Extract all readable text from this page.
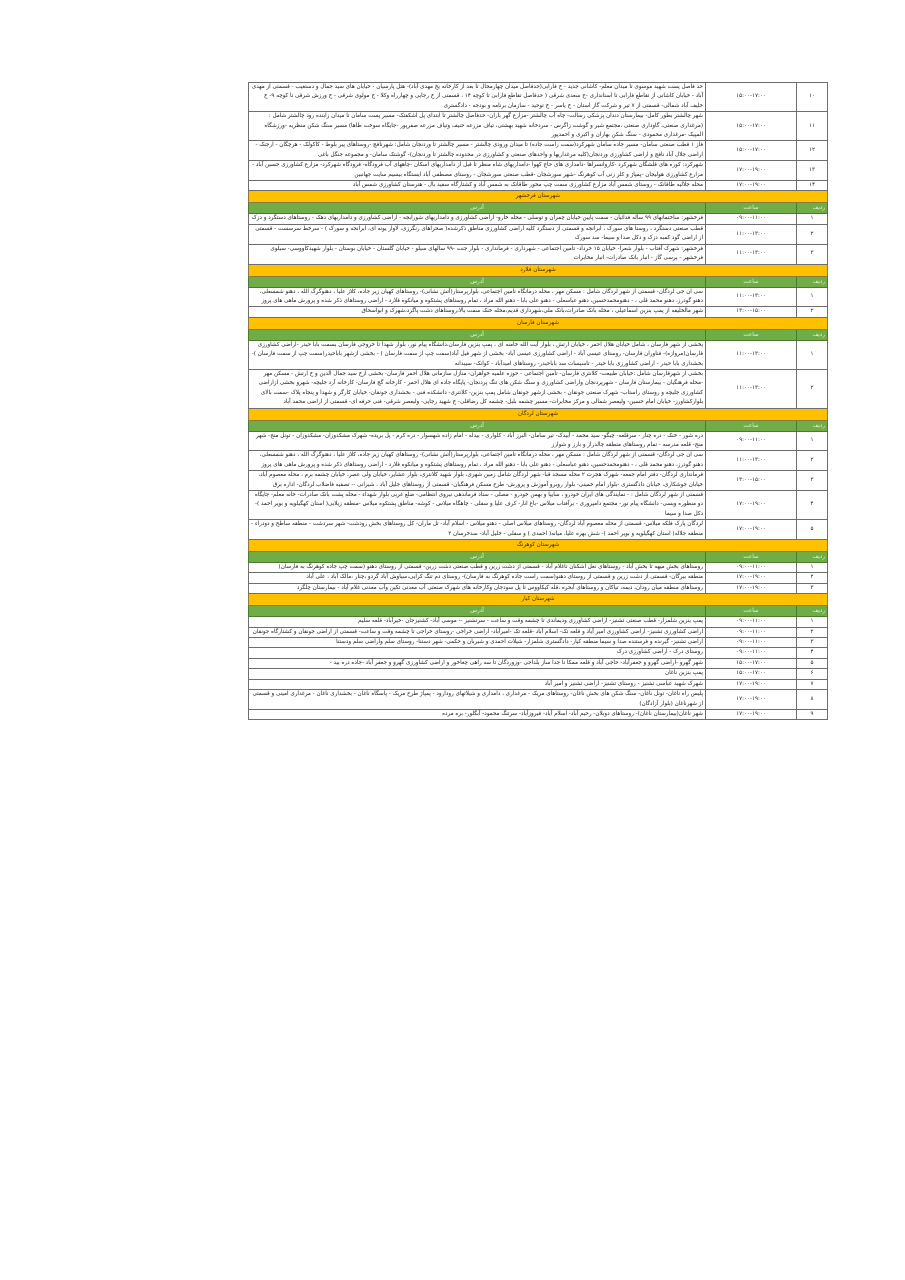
۱۰	۱۵:۰۰-۱۷:۰۰	حد فاصل پست شهید موسوی تا میدان معلم- کاشانی جدید - خ فارابی(حدفاصل میدان چهارمحال تا بعد از کارخانه یخ مهدی آباد)- هتل پارسیان - خیابان های سید جمال و دستغیب - قسمتی از مهدی آباد - خیابان کاشانی از تقاطع فارابی تا استانداری -خ سعدی شرقی ( حدفاصل تقاطع فارابی تا کوچه ۱۴ ، قسمتی از خ رجایی و چهارراه وکلا - خ مولوی شرقی - خ ورزش شرقی تا کوچه ۹- خ خلیف آباد شمالی- قسمتی از ۷ تیر و شرکت گاز استان - خ یاسر - خ توحید - سازمان برنامه و بودجه - دادگستری
۱۱	۱۵:۰۰-۱۷:۰۰	شهر چالشتر بطور کامل- بیمارستان دندان پزشکی رسالت- چاه آب چالشتر -مزارع گهر باران- حدفاصل چالشتر تا ابتدای پل اشکفتک- مسیر پست سامان تا میدان زاینده رود چالشتر شامل :(مرغداری صنعتی، گاوداری صنعتی ،مجتمع شیر و گوشت زاگرس - سردخانه شهید بهشتی، تیاف مزرعه حنیف وتیاف مزرعه صفرپور -جایگاه سوخت طاها) مسیر سنگ شکن منظریه -ورزشگاه المپیک -مرغداری محمودی - سنگ شکن بهاران و اکبری و احمدپور
۱۲	۱۵:۰۰-۱۷:۰۰	فاز ۱ قطب صنعتی سامان- مسیر جاده سامان شهرکرد(سمت راست جاده) تا میدان ورودی چالشتر - مسیر چالشتر تا وردنجان شامل: شهرنافچ -روستاهای پیر بلوط - کاکولک - هرچگان - ارجنک - اراضی جلال آباد نافچ و اراضی کشاورزی وردنجان(کلیه مرغداریها و واحدهای صنعتی و کشاورزی در محدوده چالشتر تا وردنجان)- گوشتک سامان- و مجموعه جنگل باغی
۱۳	۱۷:۰۰-۱۹:۰۰	شهرکرد: کوره های قلشگان شهرکرد -کاروانسراها -دامداری های حاج کهوا -دامداریهای شاه منظر تا قبل از دامداریهای اسکان -چاههای آب فرودگاه- فرودگاه شهرکرد- مزارع کشاورزی حسین آباد - مزارع کشاورزی هولیجان -پمپاژ و کلر زنی آب کوهرنگ -شهر سورشجان -قطب صنعتی سورشجان - روستای مصطفی آباد ایستگاه بیسیم سایت جهانبین
۱۴	۱۷:۰۰-۱۹:۰۰	محله جلالیه طاقانک - روستای شمس آباد مزارع کشاورزی سمت چپ محور طاقانک به شمس آباد و کشتارگاه سفید بال - هنرستان کشاورزی شمس آباد
شهرستان فرخشهر		
ردیف	ساعت	آدرس
۱	۰۹:۰۰-۱۱:۰۰	فرخشهر: ساختمانهای ۹۹ ساله فدائیان - سمت پایین خیابان چمران و توسلی - محله خارو- اراضی کشاورزی و دامداریهای شورابجه - اراضی کشاورزی و دامداریهای دهک - روستاهای دستگرد و دزک
۲	۱۱:۰۰-۱۳:۰۰	قطب صنعتی دستگرد ، روستا های سورک ، ابرانجه و قسمتی از دستگرد کلیه اراضی کشاورزی مناطق ذکرشده( صحراهای رنگرزی، لاوار یونه ای، ابرانجه و سورک ) - سرخط سرسست - قسمتی از اراضی گود کمبه دزک و دکل صدا و سیما- سد سورک
۳	۱۱:۰۰-۱۳:۰۰	فرخشهر: شهرک آفتاب - بلوار شعرا- خیابان ۱۵ خرداد- تامین اجتماعی - شهرداری - فرمانداری - بلوار جنت -۹۹ سالهای سیلو - خیابان گلستان - خیابان بوستان - بلوار شهیدکاووسی- سیلوی فرخشهر - پرسی گاز - انبار بانک صادرات- انبار مخابرات
شهرستان فلارد		
ردیف	ساعت	آدرس
۱	۱۱:۰۰-۱۳:۰۰	سی ان جی لردگان- قسمتی از شهر لردگان شامل : مسکن مهر ، محله درمانگاه تامین اجتماعی، بلوارپرستار(آتش نشانی)- روستاهای کهیان زیر جاده، کلاز علیا ، دهنوگرگ الله ، دهنو شمسعلی، دهنو گودرز، دهنو محمد قلی ، - دهنومحمدحسین، دهنو عباسعلی - دهنو علی بابا - دهنو الله مراد ، تمام روستاهای پشتکوه و میانکوه فلارد - اراضی روستاهای ذکر شده و پرورش ماهی های پروز
۲	۱۳:۰۰-۱۵:۰۰	شهر مالخلیفه از پمپ بنزین اسماعیلی ، محله بانک صادرات،بانک ملی،شهرداری قدیم،محله خنک سمت بالا،روستاهای دشت پاگرد،شهرک و ابواسحاق
شهرستان فارسان		
ردیف	ساعت	آدرس
۱	۱۱:۰۰-۱۳:۰۰	بخشی از شهر فارسان ، شامل خیابان هلال احمر ، خیابان ارتش ، بلوار آیت الله خامنه ای ، پمپ بنزین فارسان،دانشگاه پیام نور، بلوار شهدا تا خروجی فارسان بسمت بابا حیدر -اراضی کشاورزی فارسان(مروازه)- فناوران فارسان- روستای عیسی آباد - اراضی کشاورزی عیسی آباد- بخشی از شهر فیل آباد(سمت چپ از سمت فارسان ) - بخشی ازشهر باباحیدر(سمت چپ از سمت فارسان )- بخشداری بابا حیدر - اراضی کشاورزی بابا حیدر - تاسیسات سد باباحیدر- روستاهای امیدآباد - کوانک- سیبدانه
۲	۱۱:۰۰-۱۳:۰۰	بخشی از شهرفارسان شامل :خیابان طبیعت- کلانتری فارسان- تامین اجتماعی - حوزه علمیه خواهران- منازل سازمانی هلال احمر فارسان- بخشی ازخ سید جمال الدین و خ ارتش - مسکن مهر -محله فرهنگیان - بیمارستان فارسان - شهرپردنجان واراضی کشاورزی و سنگ شکن های تنگ پردنجان- پایگاه جاده ای هلال احمر - کارخانه گچ فارسان- کارخانه آرد جلیچه- شهرو بخشی ازاراضی کشاورزی جلیچه و روستای راستاب- شهرک صنعتی جونقان - بخشی ازشهر جونقان شامل پمپ بنزین- کلانتری- دانشکده فنی - بخشداری جونقان- خیابان کارگر و شهدا و پنجاه پلاک -سمت بالای بلوارکشاورز- خیابان امام حسین- ولیعصر شمالی و مرکز مخابرات- مسیر چشمه بلبل- چشمه کل رضاقلی- خ شهید رجایی- ولیعصر شرقی- فنی حرفه ای- قسمتی از اراضی محمد آباد
شهرستان لردگان		
ردیف	ساعت	آدرس
۱	۰۹:۰۰-۱۱:۰۰	دره شور - خنک - دره چنار - سرقلعه- چیگو- سید محمد - آبیدک- تیر سامان- البرز آباد - کلواری - بیدله - امام زاده شهسوار - دره کرم - پل بریده- شهرک مشکدوزان- مشکدوزان - تونل منج- شهر منج- قلعه مدرسه - تمام روستاهای منطقه چالدراز و بارز و شوارز
۲	۱۱:۰۰-۱۳:۰۰	سی ان جی لردگان- قسمتی از شهر لردگان شامل : مسکن مهر ، محله درمانگاه تامین اجتماعی، بلوارپرستار(آتش نشانی)- روستاهای کهیان زیر جاده، کلاز علیا ، دهنوگرگ الله ، دهنو شمسعلی، دهنو گودرز، دهنو محمد قلی ، - دهنومحمدحسین، دهنو عباسعلی - دهنو علی بابا - دهنو الله مراد ، تمام روستاهای پشتکوه و میانکوه فلارد - اراضی روستاهای ذکر شده و پرورش ماهی های پروز
۳	۱۳:۰۰-۱۵:۰۰	فرمانداری لردگان- دفتر امام جمعه- شهرک هجرت ۲ محله مسجد قبا- شهر لردگان شامل زمین شهری، بلوار شهید کلانتری، بلوار عشایر، خیابان ولی عصر، خیابان چشمه برم ، محله معصوم آباد، خیابان جوشکاری، خیابان دادگستری -بلوار امام خمینی- بلوار روبرو آموزش و پرورش- طرح مسکن فرهنگیان- قسمتی از روستاهای جلیل آباد ، شیرانی -- تصفیه فاضلاب لردگان- اداره برق
۴	۱۷:۰۰-۱۹:۰۰	قسمتی از شهر لردگان شامل : - نمایندگی های ایران خودرو ، سایپا و بهمن خودرو - مصلی - ستاد فرماندهی نیروی انتظامی- ضلع غربی بلوار شهداء - محله پشت بانک صادرات- خانه معلم- جایگاه دو منظوره وبسی- دانشگاه پیام نور- مجتمع دامپروری - برآفتاب میلاس -باغ انار- کرف علیا و سفلی - چاهگاه میلاس - کوشه- مناطق پشتکوه میلاس -منطقه زیلایی( استان کهگیلویه و بویر احمد )- دکل صدا و سیما
۵	۱۷:۰۰-۱۹:۰۰	لردگان پارک فلکه میلاس- قسمتی از محله معصوم آباد لردگان- روستاهای میلاس اصلی - دهنو میلاس - اسلام آباد- تل ماران- کل روستاهای بخش رودشت- شهر سردشت - منطقه ساطح و دودراء - منطقه جلاله( استان کهگیلویه و بویر احمد )- شش بهره علیا، میانه( احمدی ) و سفلی - خلیل آباد- سدخرسان ۳
شهرستان کوهرنگ		
ردیف	ساعت	آدرس
۱	۰۹:۰۰-۱۱:۰۰	روستاهای بخش میهه تا بخش آباد - روستاهای نعل اشکنان تاغلام آباد - قسمتی از دشت زرین و قطب صنعتی دشت زرین- قسمتی از روستای دهنو (سمت چپ جاده کوهرنگ به فارسان)
۲	۱۷:۰۰-۱۹:۰۰	منطقه بیرگان- قسمتی از دشت زرین و قسمتی از روستای دهنو(سمت راست جاده کوهرنگ به فارسان)- روستای دم تنگ کرایی،سیاوش آباد گردو ،چنار ،مالک آباد ، علی آباد
۳	۱۷:۰۰-۱۹:۰۰	روستاهای منطقه میان رودان، دیمه، تیاکان و روستاهای آبحره ،قله کیکاووس تا پل سودجان وکارخانه های شهرک صنعتی آب معدنی تکین وآب معدنی غلام آباد - بیمارستان چلگرد
شهرستان کیار		
ردیف	ساعت	آدرس
۱	۰۹:۰۰-۱۱:۰۰	پمپ بنزین شلمزار- قطب صنعتی تشنیز- اراضی کشاورزی ودیماندی تا چشمه وقت و ساعت - سرتشنیز -- موسی آباد- کشنیزجان -خیرآباد- قلعه سلیم
۲	۰۹:۰۰-۱۱:۰۰	اراضی کشاورزی تشنیز- اراضی کشاورزی امیر آباد و قلعه تک- اسلام آباد -قلعه تک -امیرآباد- اراضی خراجی -روستای خراجی تا چشمه وقت و ساعت- قسمتی از اراضی جونقان و کشتارگاه جونقان
۳	۰۹:۰۰-۱۱:۰۰	اراضی تشنیز- گیرنده و فرستنده صدا و سیما منطقه کیار- دادگستری شلمزار- شیلات احمدی و شیربان و حکمی- شهر دستنا- روستای سلم واراضی سلم ودستنا
۴	۰۹:۰۰-۱۱:۰۰	روستای درک - اراضی کشاورزی درک
۵	۱۵:۰۰-۱۷:۰۰	شهر گهرو -اراضی گهرو و جعفرآباد- حاجی آباد و قلعه ممکا تا جدا ساز بلداجی -وزوردگان تا سه راهی چغاخور و اراضی کشاورزی گهرو و جعفر آباد -جاده دره بید -
۶	۱۵:۰۰-۱۷:۰۰	پمپ بنزین ناغان
۷	۱۷:۰۰-۱۹:۰۰	شهرک شهید عباسی تشنیز - روستای تشنیز- اراضی تشنیز و امیر آباد
۸	۱۷:۰۰-۱۹:۰۰	پلیس راه ناغان- تونل ناغان- سنگ شکن های بخش ناغان- روستاهای مریک - مرغداری ، دامداری و شیلاتهای رودارود - پمپاژ طرح مریک - پاسگاه ناغان - بخشداری ناغان - مرغداری امینی و قسمتی از شهرناغان (بلوار آزادگان)
۹	۱۷:۰۰-۱۹:۰۰	شهر ناغان(بیمارستان ناغان)- روستاهای دوبلان- رحیم آباد- اسلام آباد- فیروزآباد- سرتنگ محمود- آبگلور- بره مرده
